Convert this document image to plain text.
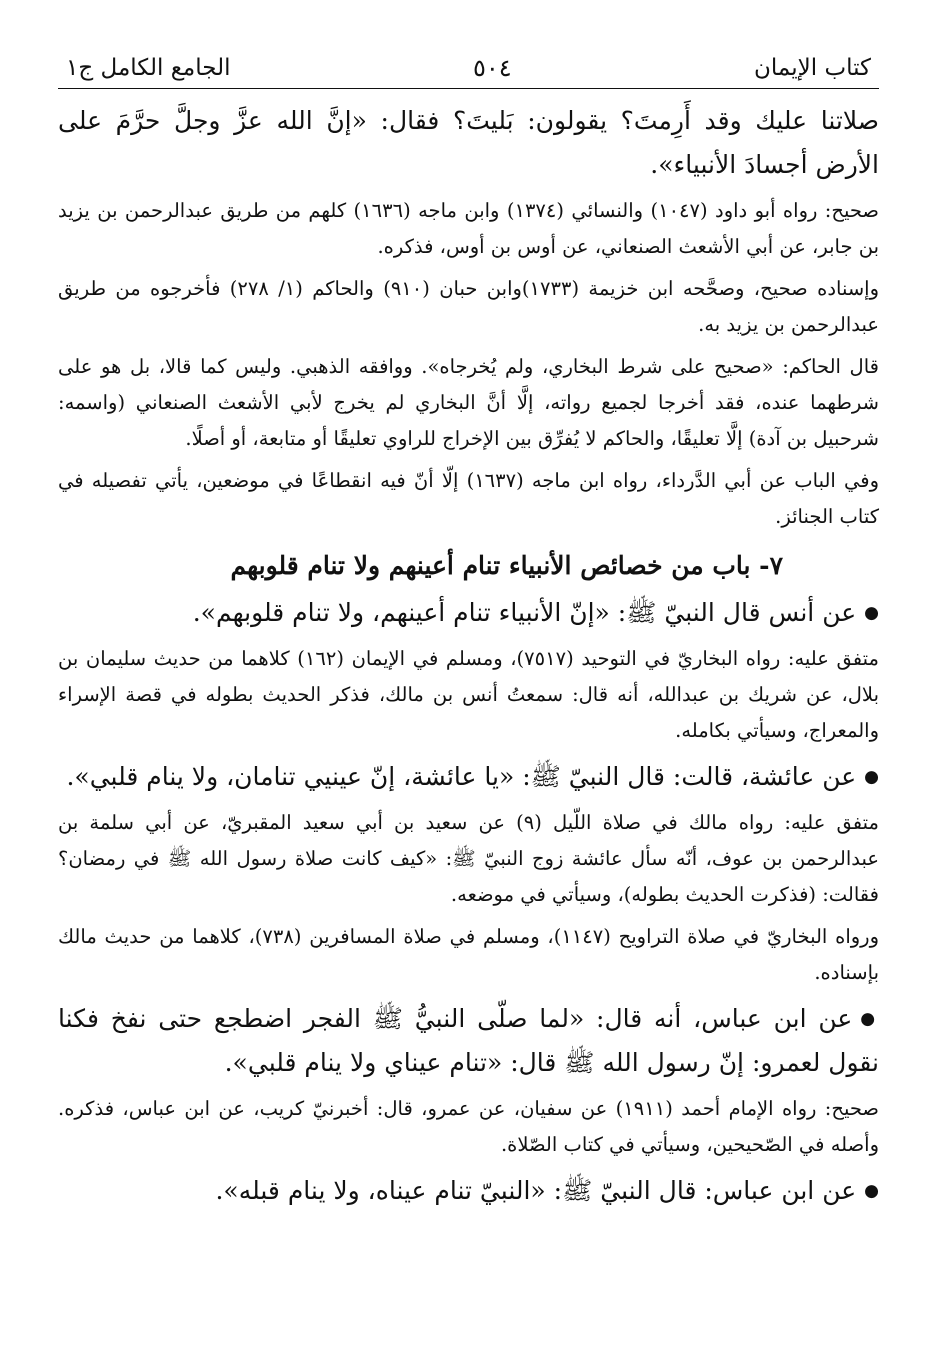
كتاب الإيمان
٥٠٤
الجامع الكامل ج١

صلاتنا عليك وقد أَرِمتَ؟ يقولون: بَليتَ؟ فقال: «إنَّ الله عزَّ وجلَّ حرَّمَ على الأرض أجسادَ الأنبياء».

صحيح: رواه أبو داود (١٠٤٧) والنسائي (١٣٧٤) وابن ماجه (١٦٣٦) كلهم من طريق عبدالرحمن بن يزيد بن جابر، عن أبي الأشعث الصنعاني، عن أوس بن أوس، فذكره.

وإسناده صحيح، وصحَّحه ابن خزيمة (١٧٣٣)وابن حبان (٩١٠) والحاكم (١/ ٢٧٨) فأخرجوه من طريق عبدالرحمن بن يزيد به.

قال الحاكم: «صحيح على شرط البخاري، ولم يُخرجاه». ووافقه الذهبي. وليس كما قالا، بل هو على شرطهما عنده، فقد أخرجا لجميع رواته، إلَّا أنَّ البخاري لم يخرج لأبي الأشعث الصنعاني (واسمه: شرحبيل بن آدة) إلَّا تعليقًا، والحاكم لا يُفرِّق بين الإخراج للراوي تعليقًا أو متابعة، أو أصلًا.

وفي الباب عن أبي الدَّرداء، رواه ابن ماجه (١٦٣٧) إلّا أنّ فيه انقطاعًا في موضعين، يأتي تفصيله في كتاب الجنائز.

٧- باب من خصائص الأنبياء تنام أعينهم ولا تنام قلوبهم

● عن أنس قال النبيّ ﷺ: «إنّ الأنبياء تنام أعينهم، ولا تنام قلوبهم».

متفق عليه: رواه البخاريّ في التوحيد (٧٥١٧)، ومسلم في الإيمان (١٦٢) كلاهما من حديث سليمان بن بلال، عن شريك بن عبدالله، أنه قال: سمعتُ أنس بن مالك، فذكر الحديث بطوله في قصة الإسراء والمعراج، وسيأتي بكامله.

● عن عائشة، قالت: قال النبيّ ﷺ: «يا عائشة، إنّ عينيي تنامان، ولا ينام قلبي».

متفق عليه: رواه مالك في صلاة اللّيل (٩) عن سعيد بن أبي سعيد المقبريّ، عن أبي سلمة بن عبدالرحمن بن عوف، أنّه سأل عائشة زوج النبيّ ﷺ: «كيف كانت صلاة رسول الله ﷺ في رمضان؟ فقالت: (فذكرت الحديث بطوله)، وسيأتي في موضعه.

ورواه البخاريّ في صلاة التراويح (١١٤٧)، ومسلم في صلاة المسافرين (٧٣٨)، كلاهما من حديث مالك بإسناده.

● عن ابن عباس، أنه قال: «لما صلّى النبيُّ ﷺ الفجر اضطجع حتى نفخ فكنا نقول لعمرو: إنّ رسول الله ﷺ قال: «تنام عيناي ولا ينام قلبي».

صحيح: رواه الإمام أحمد (١٩١١) عن سفيان، عن عمرو، قال: أخبرنيّ كريب، عن ابن عباس، فذكره. وأصله في الصّحيحين، وسيأتي في كتاب الصّلاة.

● عن ابن عباس: قال النبيّ ﷺ: «النبيّ تنام عيناه، ولا ينام قبله».
